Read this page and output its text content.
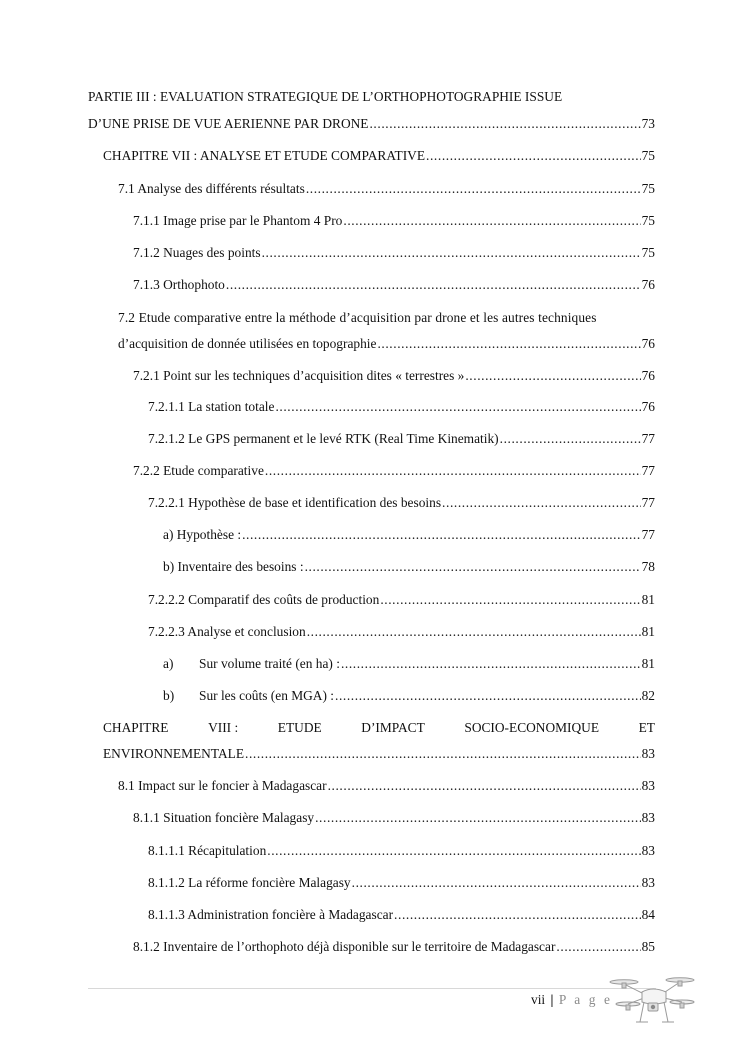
PARTIE III : EVALUATION STRATEGIQUE DE L’ORTHOPHOTOGRAPHIE ISSUE
D’UNE PRISE DE VUE AERIENNE PAR DRONE .....	73
CHAPITRE VII : ANALYSE ET ETUDE COMPARATIVE .....	75
7.1 Analyse des différents résultats .....	75
7.1.1 Image prise par le Phantom 4 Pro .....	75
7.1.2 Nuages des points .....	75
7.1.3 Orthophoto .....	76
7.2 Etude comparative entre la méthode d’acquisition par drone et les autres techniques
d’acquisition de donnée utilisées en topographie .....	76
7.2.1 Point sur les techniques d’acquisition dites « terrestres » .....	76
7.2.1.1 La station totale .....	76
7.2.1.2 Le GPS permanent et le levé RTK (Real Time Kinematik) .....	77
7.2.2 Etude comparative .....	77
7.2.2.1 Hypothèse de base et identification des besoins .....	77
a) Hypothèse : .....	77
b) Inventaire des besoins : .....	78
7.2.2.2 Comparatif des coûts de production .....	81
7.2.2.3 Analyse et conclusion .....	81
a)	Sur volume traité (en ha) : .....	81
b)	Sur les coûts (en MGA) : .....	82
CHAPITRE	VIII :	ETUDE	D’IMPACT	SOCIO-ECONOMIQUE	ET
ENVIRONNEMENTALE .....	83
8.1 Impact sur le foncier à Madagascar .....	83
8.1.1 Situation foncière Malagasy .....	83
8.1.1.1 Récapitulation .....	83
8.1.1.2 La réforme foncière Malagasy .....	83
8.1.1.3 Administration foncière à Madagascar .....	84
8.1.2 Inventaire de l’orthophoto déjà disponible sur le territoire de Madagascar .....	85
vii | P a g e
